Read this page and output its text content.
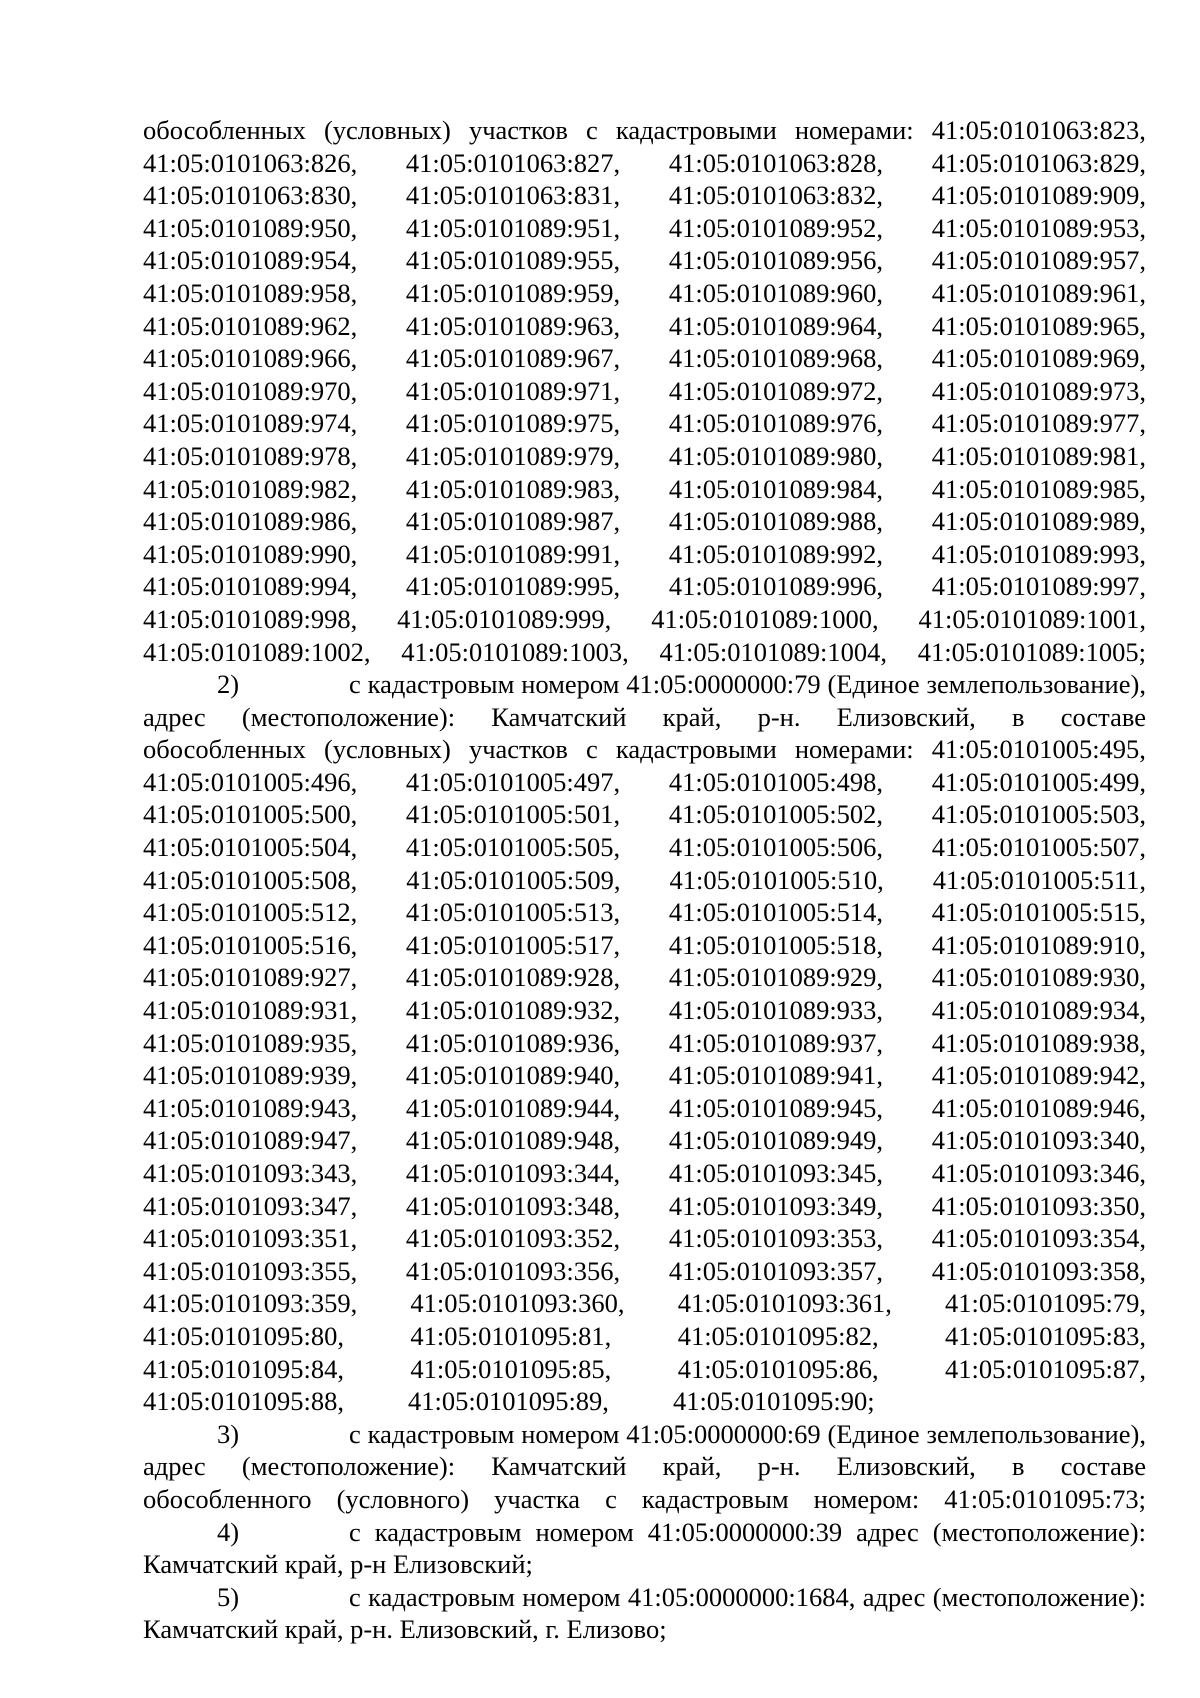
обособленных (условных) участков с кадастровыми номерами: 41:05:0101063:823,
41:05:0101063:826, 41:05:0101063:827, 41:05:0101063:828, 41:05:0101063:829,
41:05:0101063:830, 41:05:0101063:831, 41:05:0101063:832, 41:05:0101089:909,
41:05:0101089:950, 41:05:0101089:951, 41:05:0101089:952, 41:05:0101089:953,
41:05:0101089:954, 41:05:0101089:955, 41:05:0101089:956, 41:05:0101089:957,
41:05:0101089:958, 41:05:0101089:959, 41:05:0101089:960, 41:05:0101089:961,
41:05:0101089:962, 41:05:0101089:963, 41:05:0101089:964, 41:05:0101089:965,
41:05:0101089:966, 41:05:0101089:967, 41:05:0101089:968, 41:05:0101089:969,
41:05:0101089:970, 41:05:0101089:971, 41:05:0101089:972, 41:05:0101089:973,
41:05:0101089:974, 41:05:0101089:975, 41:05:0101089:976, 41:05:0101089:977,
41:05:0101089:978, 41:05:0101089:979, 41:05:0101089:980, 41:05:0101089:981,
41:05:0101089:982, 41:05:0101089:983, 41:05:0101089:984, 41:05:0101089:985,
41:05:0101089:986, 41:05:0101089:987, 41:05:0101089:988, 41:05:0101089:989,
41:05:0101089:990, 41:05:0101089:991, 41:05:0101089:992, 41:05:0101089:993,
41:05:0101089:994, 41:05:0101089:995, 41:05:0101089:996, 41:05:0101089:997,
41:05:0101089:998, 41:05:0101089:999, 41:05:0101089:1000, 41:05:0101089:1001,
41:05:0101089:1002, 41:05:0101089:1003, 41:05:0101089:1004, 41:05:0101089:1005;
2)	с кадастровым номером 41:05:0000000:79 (Единое землепользование),
адрес (местоположение): Камчатский край, р-н. Елизовский, в составе
обособленных (условных) участков с кадастровыми номерами: 41:05:0101005:495,
41:05:0101005:496, 41:05:0101005:497, 41:05:0101005:498, 41:05:0101005:499,
41:05:0101005:500, 41:05:0101005:501, 41:05:0101005:502, 41:05:0101005:503,
41:05:0101005:504, 41:05:0101005:505, 41:05:0101005:506, 41:05:0101005:507,
41:05:0101005:508, 41:05:0101005:509, 41:05:0101005:510, 41:05:0101005:511,
41:05:0101005:512, 41:05:0101005:513, 41:05:0101005:514, 41:05:0101005:515,
41:05:0101005:516, 41:05:0101005:517, 41:05:0101005:518, 41:05:0101089:910,
41:05:0101089:927, 41:05:0101089:928, 41:05:0101089:929, 41:05:0101089:930,
41:05:0101089:931, 41:05:0101089:932, 41:05:0101089:933, 41:05:0101089:934,
41:05:0101089:935, 41:05:0101089:936, 41:05:0101089:937, 41:05:0101089:938,
41:05:0101089:939, 41:05:0101089:940, 41:05:0101089:941, 41:05:0101089:942,
41:05:0101089:943, 41:05:0101089:944, 41:05:0101089:945, 41:05:0101089:946,
41:05:0101089:947, 41:05:0101089:948, 41:05:0101089:949, 41:05:0101093:340,
41:05:0101093:343, 41:05:0101093:344, 41:05:0101093:345, 41:05:0101093:346,
41:05:0101093:347, 41:05:0101093:348, 41:05:0101093:349, 41:05:0101093:350,
41:05:0101093:351, 41:05:0101093:352, 41:05:0101093:353, 41:05:0101093:354,
41:05:0101093:355, 41:05:0101093:356, 41:05:0101093:357, 41:05:0101093:358,
41:05:0101093:359, 41:05:0101093:360, 41:05:0101093:361, 41:05:0101095:79,
41:05:0101095:80,	41:05:0101095:81,	41:05:0101095:82,	41:05:0101095:83,
41:05:0101095:84,	41:05:0101095:85,	41:05:0101095:86,	41:05:0101095:87,
41:05:0101095:88, 41:05:0101095:89, 41:05:0101095:90;
3)	с кадастровым номером 41:05:0000000:69 (Единое землепользование),
адрес (местоположение): Камчатский край, р-н. Елизовский, в составе
обособленного (условного) участка с кадастровым номером: 41:05:0101095:73;
4)	с кадастровым номером 41:05:0000000:39 адрес (местоположение):
Камчатский край, р-н Елизовский;
5)	с кадастровым номером 41:05:0000000:1684, адрес (местоположение):
Камчатский край, р-н. Елизовский, г. Елизово;
